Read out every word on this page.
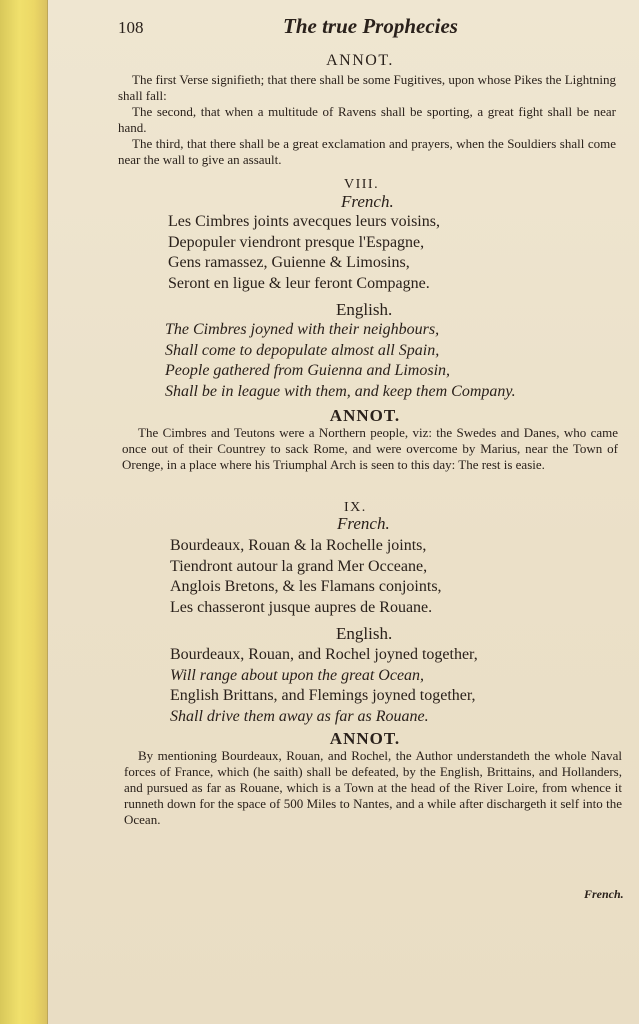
108	The true Prophecies
ANNOT.

The first Verse signifieth; that there shall be some Fugitives, upon whose Pikes the Lightning shall fall:

The second, that when a multitude of Ravens shall be sporting, a great fight shall be near hand.

The third, that there shall be a great exclamation and prayers, when the Souldiers shall come near the wall to give an assault.

VIII.
French.
Les Cimbres joints avecques leurs voisins,
Depopuler viendront presque l'Espagne,
Gens ramassez, Guienne & Limosins,
Seront en ligue & leur feront Compagne.
English.
The Cimbres joyned with their neighbours,
Shall come to depopulate almost all Spain,
People gathered from Guienna and Limosin,
Shall be in league with them, and keep them Company.
ANNOT.

The Cimbres and Teutons were a Northern people, viz: the Swedes and Danes, who came once out of their Countrey to sack Rome, and were overcome by Marius, near the Town of Orenge, in a place where his Triumphal Arch is seen to this day: The rest is easie.

IX.
French.
Bourdeaux, Rouan & la Rochelle joints,
Tiendront autour la grand Mer Occeane,
Anglois Bretons, & les Flamans conjoints,
Les chasseront jusque aupres de Rouane.
English.
Bourdeaux, Rouan, and Rochel joyned together,
Will range about upon the great Ocean,
English Brittans, and Flemings joyned together,
Shall drive them away as far as Rouane.
ANNOT.

By mentioning Bourdeaux, Rouan, and Rochel, the Author understandeth the whole Naval forces of France, which (he saith) shall be defeated, by the English, Brittains, and Hollanders, and pursued as far as Rouane, which is a Town at the head of the River Loire, from whence it runneth down for the space of 500 Miles to Nantes, and a while after dischargeth it self into the Ocean.

French.
